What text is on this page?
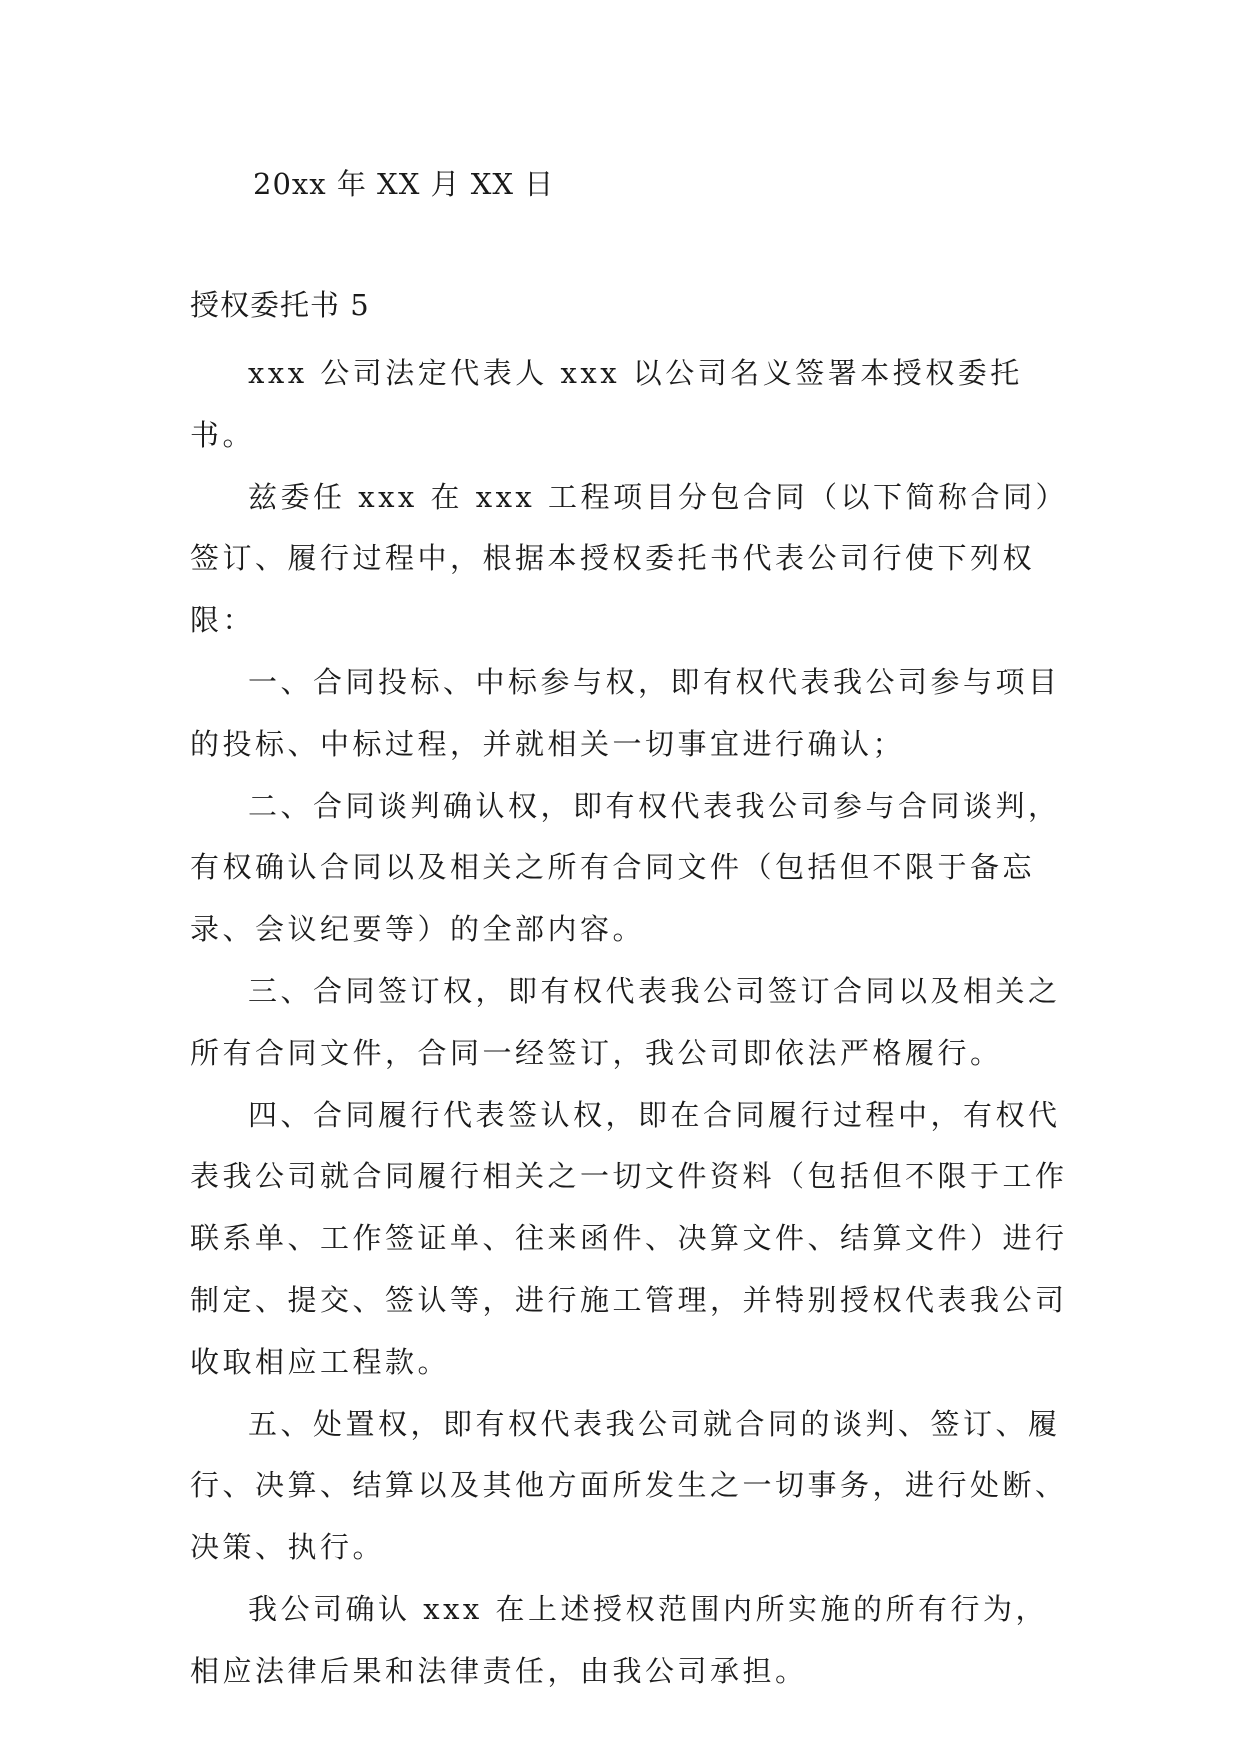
20xx 年 XX 月 XX 日
授权委托书 5

xxx 公司法定代表人 xxx 以公司名义签署本授权委托书。

兹委任 xxx 在 xxx 工程项目分包合同（以下简称合同）签订、履行过程中，根据本授权委托书代表公司行使下列权限：

一、合同投标、中标参与权，即有权代表我公司参与项目的投标、中标过程，并就相关一切事宜进行确认；

二、合同谈判确认权，即有权代表我公司参与合同谈判，有权确认合同以及相关之所有合同文件（包括但不限于备忘录、会议纪要等）的全部内容。

三、合同签订权，即有权代表我公司签订合同以及相关之所有合同文件，合同一经签订，我公司即依法严格履行。

四、合同履行代表签认权，即在合同履行过程中，有权代表我公司就合同履行相关之一切文件资料（包括但不限于工作联系单、工作签证单、往来函件、决算文件、结算文件）进行制定、提交、签认等，进行施工管理，并特别授权代表我公司收取相应工程款。

五、处置权，即有权代表我公司就合同的谈判、签订、履行、决算、结算以及其他方面所发生之一切事务，进行处断、决策、执行。

我公司确认 xxx 在上述授权范围内所实施的所有行为，相应法律后果和法律责任，由我公司承担。
